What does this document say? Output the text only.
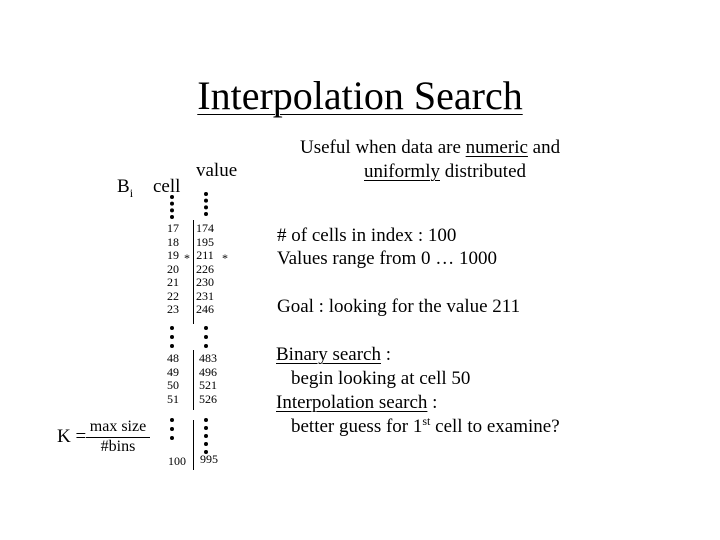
Interpolation Search
$B_i$ cell
value
17
18
19
20
21
22
23
174
195
211
226
230
231
246
*	*
48
49
50
51
483
496
521
526
100	995
K = max size
#bins
Useful when data are numeric and
uniformly distributed
# of cells in index : 100
Values range from 0 … 1000
Goal : looking for the value 211
Binary search :
begin looking at cell 50
Interpolation search :
better guess for 1st cell to examine?
